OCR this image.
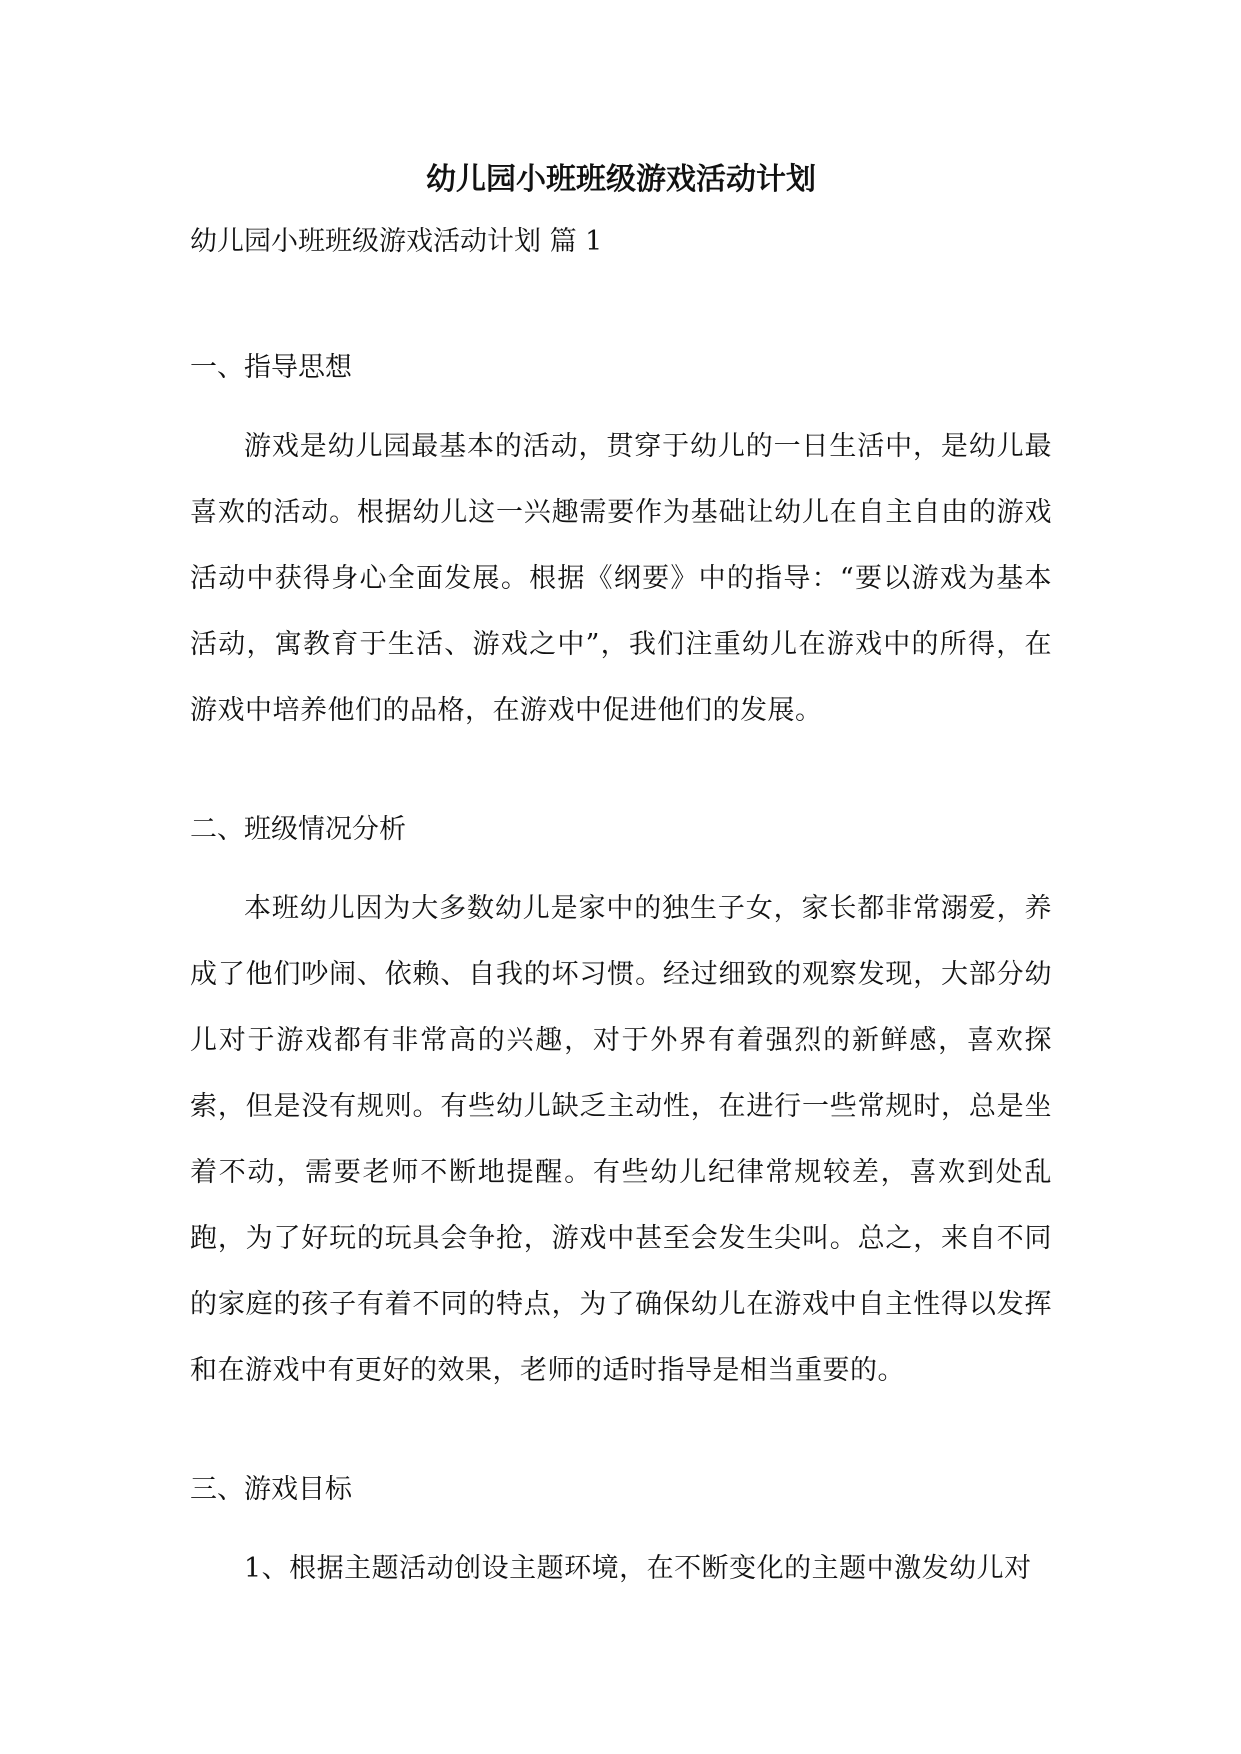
幼儿园小班班级游戏活动计划

幼儿园小班班级游戏活动计划 篇 1

一、指导思想

游戏是幼儿园最基本的活动，贯穿于幼儿的一日生活中，是幼儿最喜欢的活动。根据幼儿这一兴趣需要作为基础让幼儿在自主自由的游戏活动中获得身心全面发展。根据《纲要》中的指导：“要以游戏为基本活动，寓教育于生活、游戏之中”，我们注重幼儿在游戏中的所得，在游戏中培养他们的品格，在游戏中促进他们的发展。

二、班级情况分析

本班幼儿因为大多数幼儿是家中的独生子女，家长都非常溺爱，养成了他们吵闹、依赖、自我的坏习惯。经过细致的观察发现，大部分幼儿对于游戏都有非常高的兴趣，对于外界有着强烈的新鲜感，喜欢探索，但是没有规则。有些幼儿缺乏主动性，在进行一些常规时，总是坐着不动，需要老师不断地提醒。有些幼儿纪律常规较差，喜欢到处乱跑，为了好玩的玩具会争抢，游戏中甚至会发生尖叫。总之，来自不同的家庭的孩子有着不同的特点，为了确保幼儿在游戏中自主性得以发挥和在游戏中有更好的效果，老师的适时指导是相当重要的。

三、游戏目标

1、根据主题活动创设主题环境，在不断变化的主题中激发幼儿对
